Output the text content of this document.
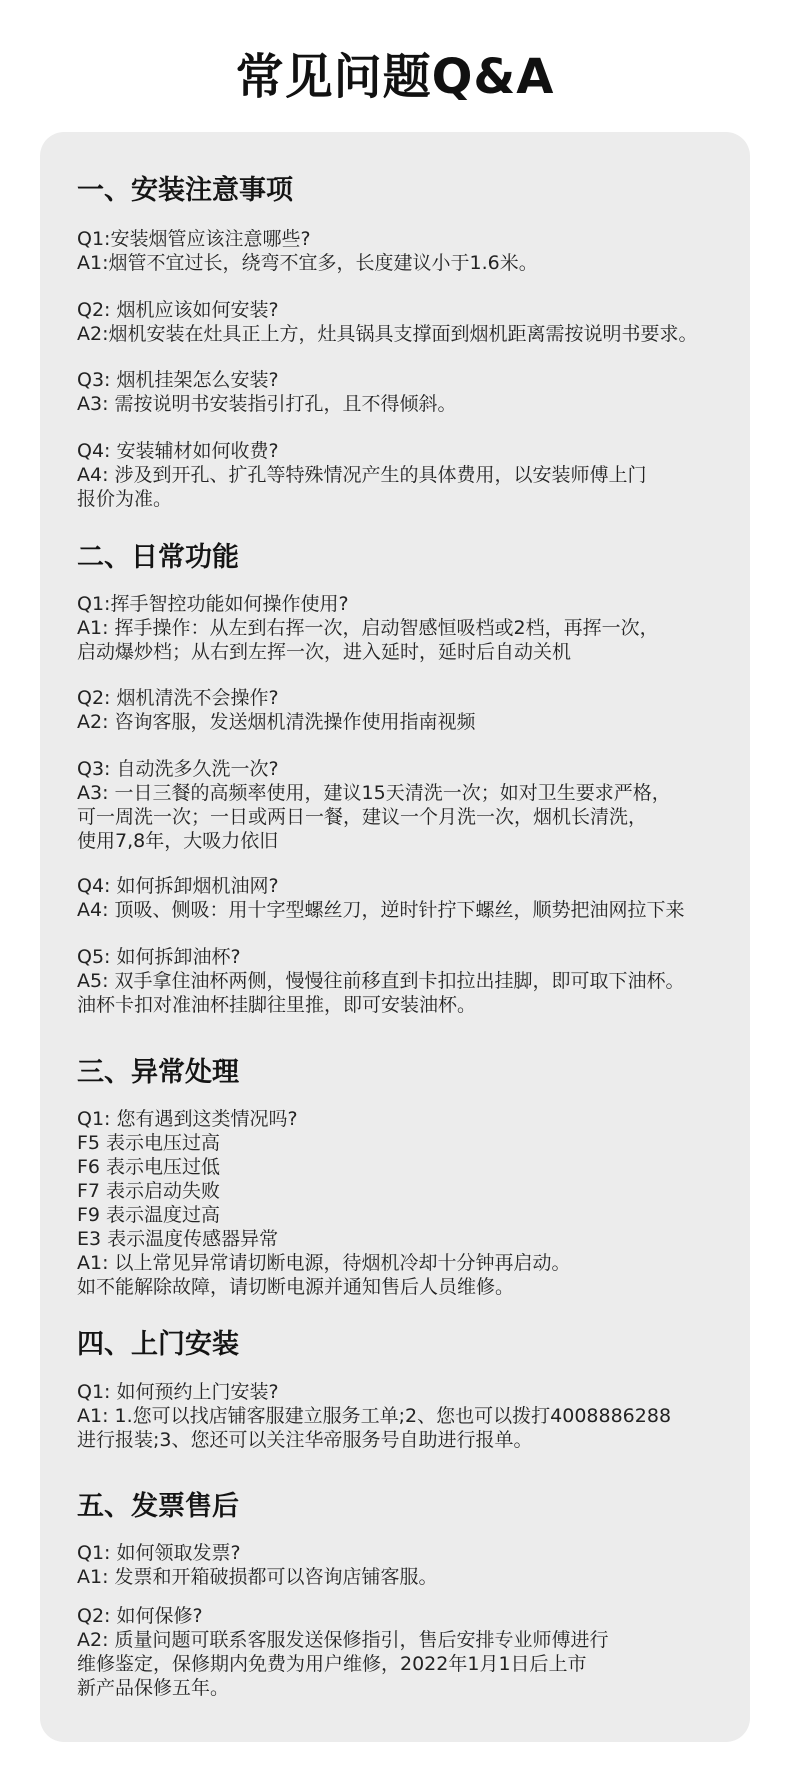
常见问题Q&A
一、安装注意事项
Q1:安装烟管应该注意哪些?
A1:烟管不宜过长，绕弯不宜多，长度建议小于1.6米。
Q2: 烟机应该如何安装?
A2:烟机安装在灶具正上方，灶具锅具支撑面到烟机距离需按说明书要求。
Q3: 烟机挂架怎么安装?
A3: 需按说明书安装指引打孔，且不得倾斜。
Q4: 安装辅材如何收费?
A4: 涉及到开孔、扩孔等特殊情况产生的具体费用，以安装师傅上门
报价为准。
二、日常功能
Q1:挥手智控功能如何操作使用?
A1: 挥手操作：从左到右挥一次，启动智感恒吸档或2档，再挥一次，
启动爆炒档；从右到左挥一次，进入延时，延时后自动关机
Q2: 烟机清洗不会操作?
A2: 咨询客服，发送烟机清洗操作使用指南视频
Q3: 自动洗多久洗一次?
A3: 一日三餐的高频率使用，建议15天清洗一次；如对卫生要求严格，
可一周洗一次；一日或两日一餐，建议一个月洗一次，烟机长清洗，
使用7,8年，大吸力依旧
Q4: 如何拆卸烟机油网?
A4: 顶吸、侧吸：用十字型螺丝刀，逆时针拧下螺丝，顺势把油网拉下来
Q5: 如何拆卸油杯?
A5: 双手拿住油杯两侧，慢慢往前移直到卡扣拉出挂脚，即可取下油杯。
油杯卡扣对准油杯挂脚往里推，即可安装油杯。
三、异常处理
Q1: 您有遇到这类情况吗?
F5 表示电压过高
F6 表示电压过低
F7 表示启动失败
F9 表示温度过高
E3 表示温度传感器异常
A1: 以上常见异常请切断电源，待烟机冷却十分钟再启动。
如不能解除故障，请切断电源并通知售后人员维修。
四、上门安装
Q1: 如何预约上门安装?
A1: 1.您可以找店铺客服建立服务工单;2、您也可以拨打4008886288
进行报装;3、您还可以关注华帝服务号自助进行报单。
五、发票售后
Q1: 如何领取发票?
A1: 发票和开箱破损都可以咨询店铺客服。
Q2: 如何保修?
A2: 质量问题可联系客服发送保修指引，售后安排专业师傅进行
维修鉴定，保修期内免费为用户维修，2022年1月1日后上市
新产品保修五年。
